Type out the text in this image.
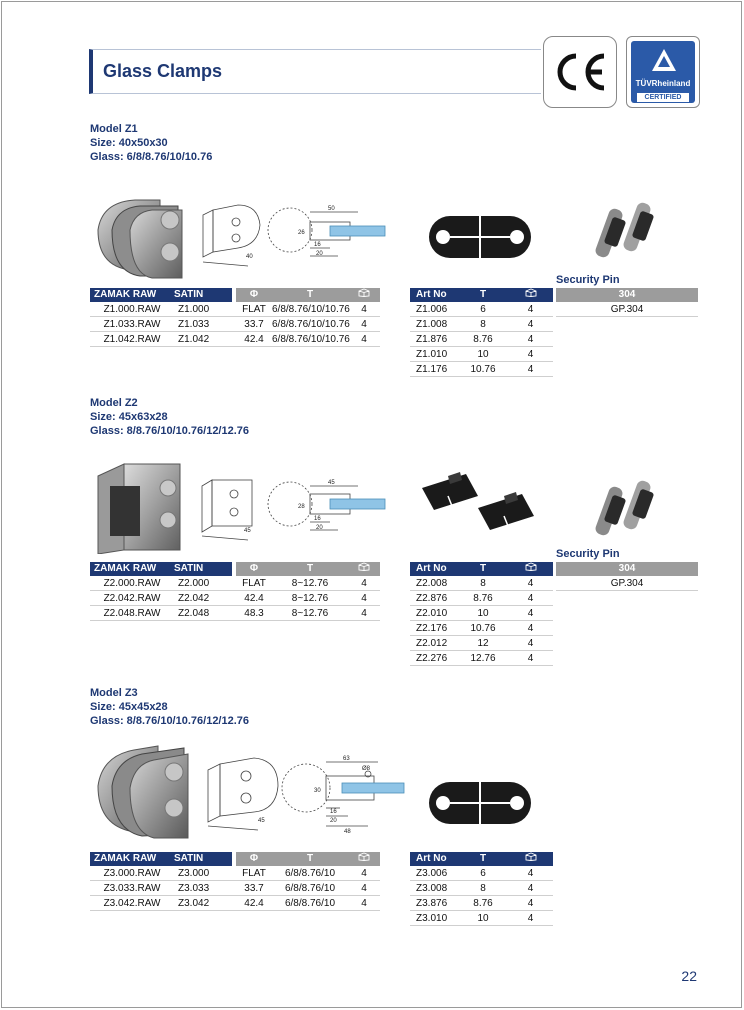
Glass Clamps
TÜVRheinland
CERTIFIED
Model Z1
Size: 40x50x30
Glass: 6/8/8.76/10/10.76
50
26
16
20
40
Security Pin
ZAMAK RAW	SATIN	Φ	T
Z1.000.RAW	Z1.000	FLAT 6/8/8.76/10/10.76	4
Z1.033.RAW	Z1.033	33.7 6/8/8.76/10/10.76	4
Z1.042.RAW	Z1.042	42.4 6/8/8.76/10/10.76	4
Art No	T
Z1.006	6	4
Z1.008	8	4
Z1.876	8.76	4
Z1.010	10	4
Z1.176	10.76	4
304
GP.304
Model Z2
Size: 45x63x28
Glass: 8/8.76/10/10.76/12/12.76
45
28
16
20
45
Security Pin
ZAMAK RAW	SATIN	Φ	T
Z2.000.RAW	Z2.000	FLAT	8~12.76	4
Z2.042.RAW	Z2.042	42.4	8~12.76	4
Z2.048.RAW	Z2.048	48.3	8~12.76	4
Art No	T
Z2.008	8	4
Z2.876	8.76	4
Z2.010	10	4
Z2.176	10.76	4
Z2.012	12	4
Z2.276	12.76	4
304
GP.304
Model Z3
Size: 45x45x28
Glass: 8/8.76/10/10.76/12/12.76
63
Ø8
30
16
20
48
45
ZAMAK RAW	SATIN	Φ	T
Z3.000.RAW	Z3.000	FLAT	6/8/8.76/10	4
Z3.033.RAW	Z3.033	33.7	6/8/8.76/10	4
Z3.042.RAW	Z3.042	42.4	6/8/8.76/10	4
Art No	T
Z3.006	6	4
Z3.008	8	4
Z3.876	8.76	4
Z3.010	10	4
22
